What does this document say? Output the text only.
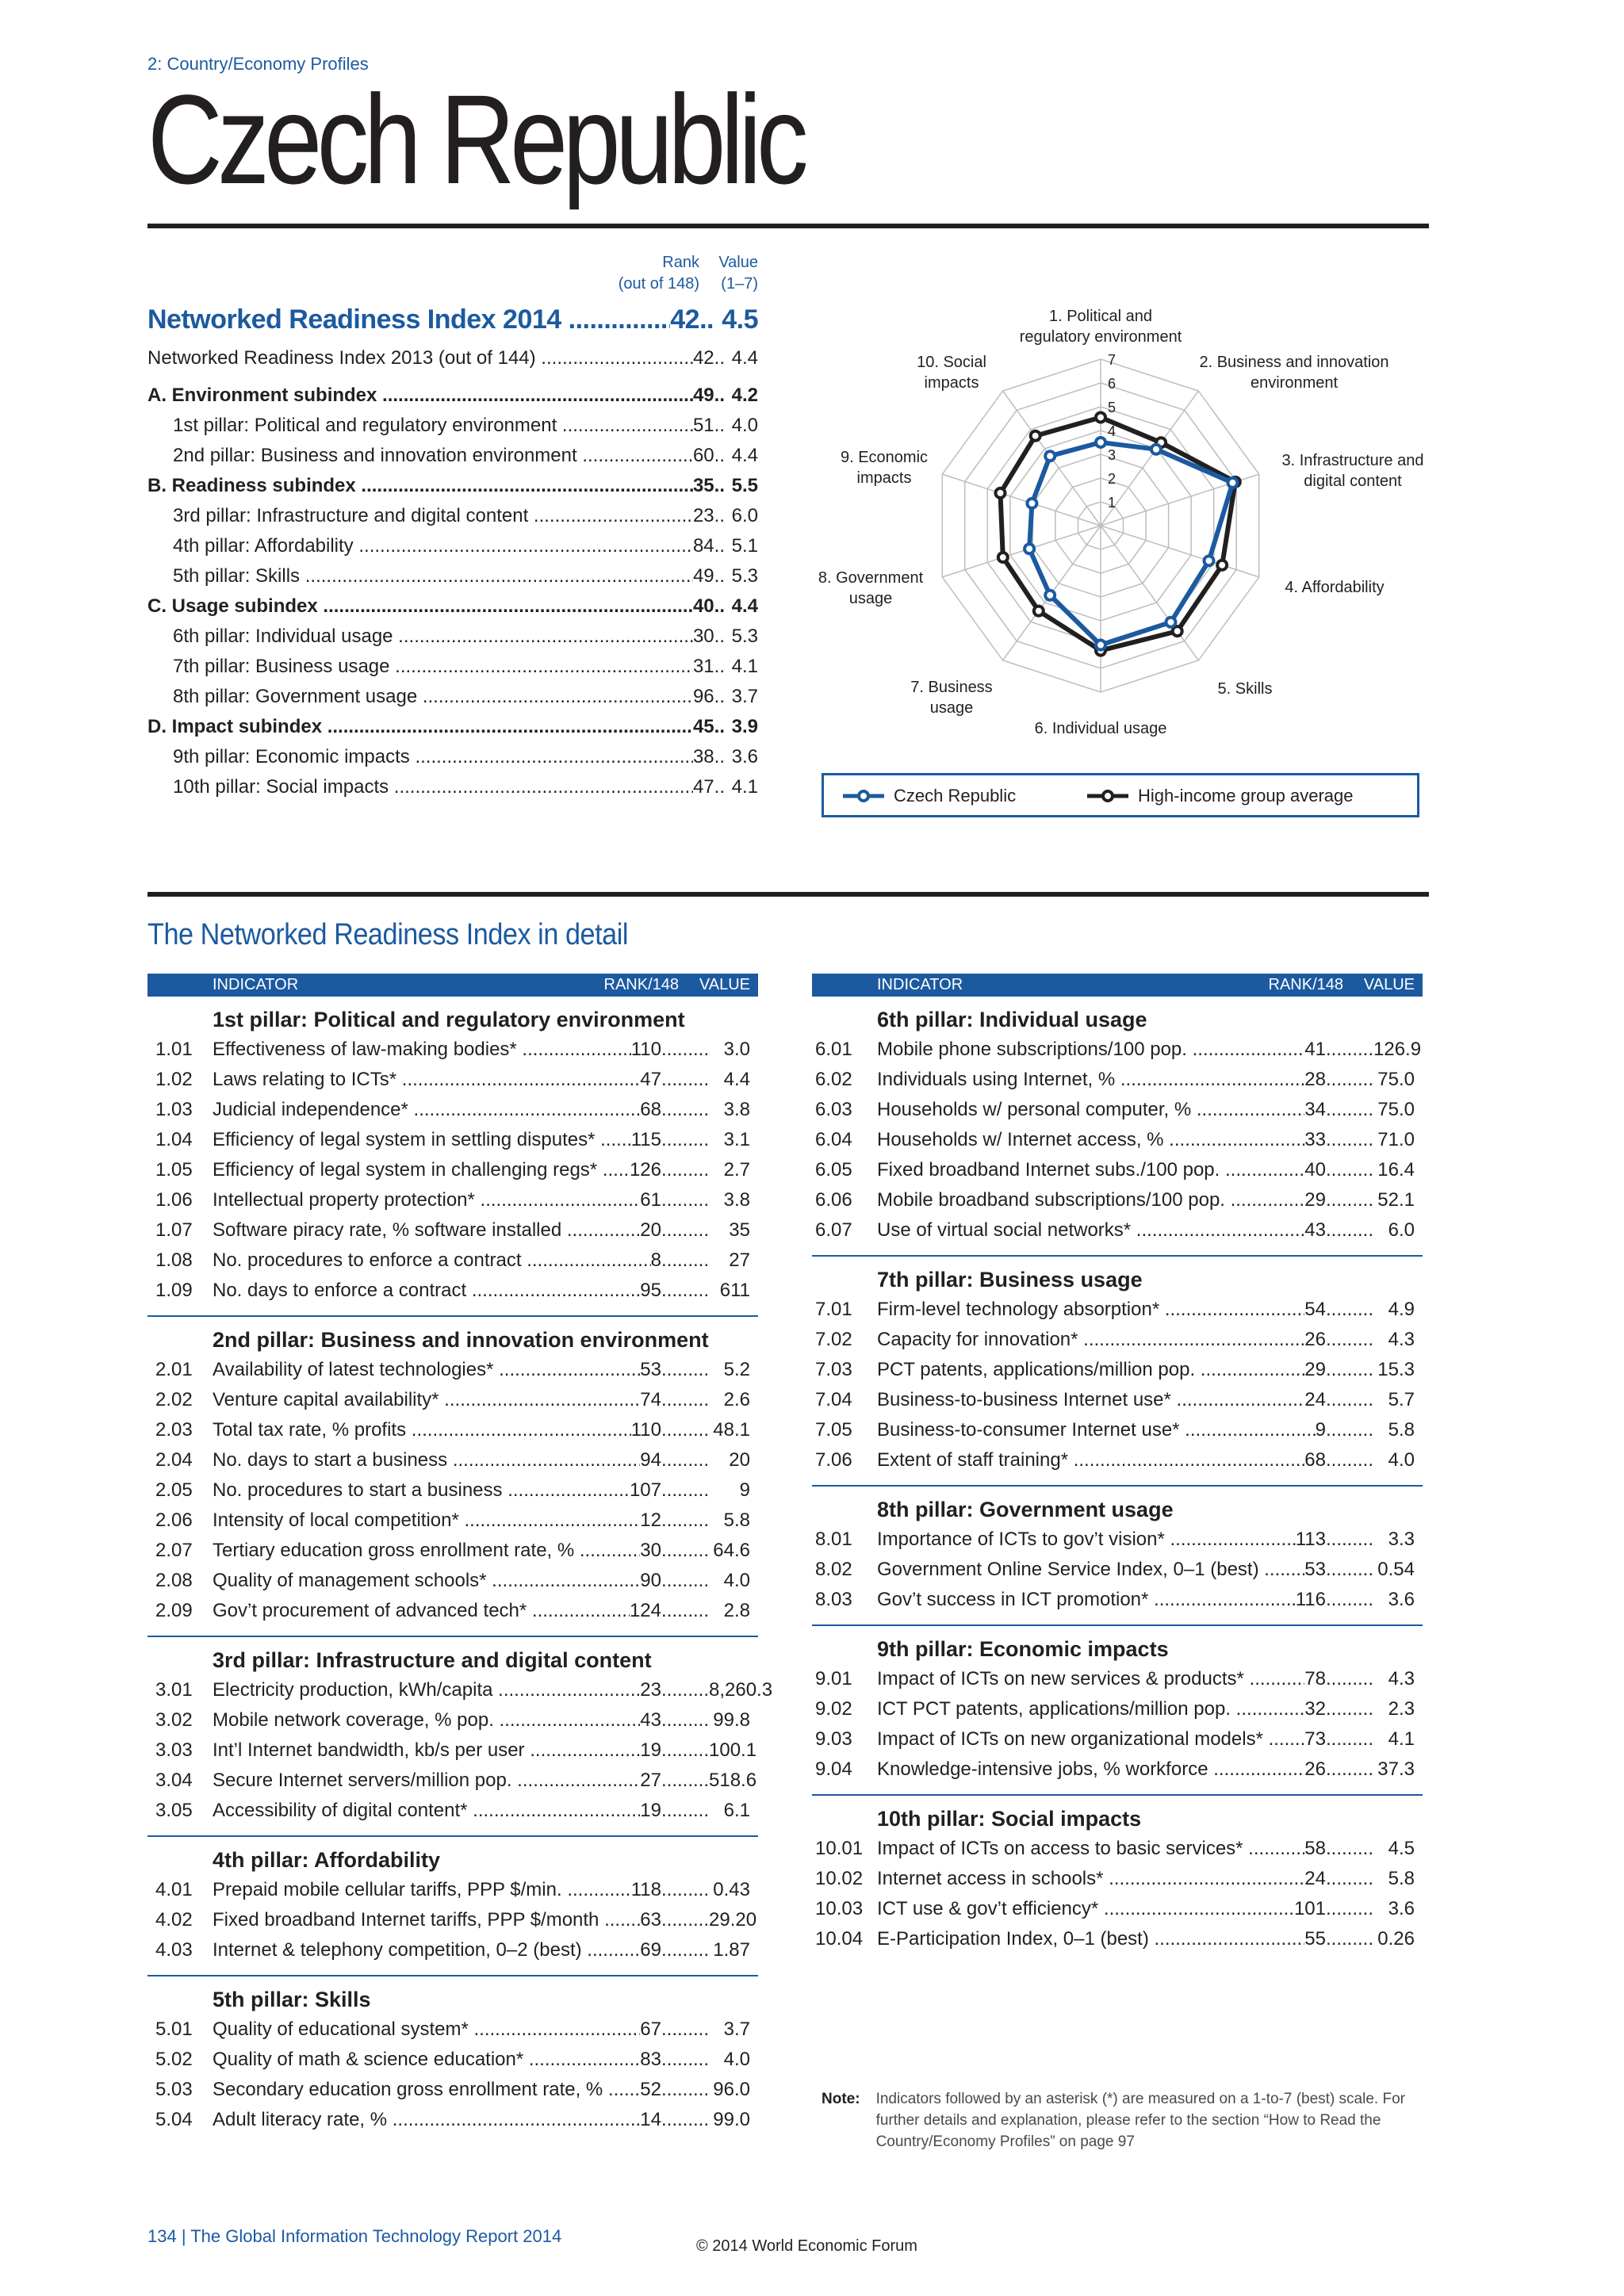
2: Country/Economy Profiles
Czech Republic
Rank
(out of 148)
Value
(1–7)
Networked Readiness Index 2014 .....	42 .. 4.5
Networked Readiness Index 2013 (out of 144) .....	42 .. 4.4
A. Environment subindex .....	49 .. 4.2
1st pillar: Political and regulatory environment .....	51 .. 4.0
2nd pillar: Business and innovation environment .....	60 .. 4.4
B. Readiness subindex .....	35 .. 5.5
3rd pillar: Infrastructure and digital content .....	23 .. 6.0
4th pillar: Affordability .....	84 .. 5.1
5th pillar: Skills .....	49 .. 5.3
C. Usage subindex .....	40 .. 4.4
6th pillar: Individual usage .....	30 .. 5.3
7th pillar: Business usage .....	31 .. 4.1
8th pillar: Government usage .....	96 .. 3.7
D. Impact subindex .....	45 .. 3.9
9th pillar: Economic impacts .....	38 .. 3.6
10th pillar: Social impacts .....	47 .. 4.1
1
2
3
4
5
6
7
1. Political and regulatory environment
2. Business and innovation environment
3. Infrastructure and digital content
4. Affordability
5. Skills
6. Individual usage
7. Business usage
8. Government usage
9. Economic impacts
10. Social impacts
Czech Republic	High-income group average
The Networked Readiness Index in detail
INDICATOR	RANK/148 VALUE
1st pillar: Political and regulatory environment
1.01	Effectiveness of law-making bodies* .....	110 .....	3.0
1.02	Laws relating to ICTs* .....	47 .....	4.4
1.03	Judicial independence* .....	68 .....	3.8
1.04	Efficiency of legal system in settling disputes* .....	115 .....	3.1
1.05	Efficiency of legal system in challenging regs* .....	126 .....	2.7
1.06	Intellectual property protection* .....	61 .....	3.8
1.07	Software piracy rate, % software installed .....	20 .....	35
1.08	No. procedures to enforce a contract .....	8 .....	27
1.09	No. days to enforce a contract .....	95 .....	611
2nd pillar: Business and innovation environment
2.01	Availability of latest technologies* .....	53 .....	5.2
2.02	Venture capital availability* .....	74 .....	2.6
2.03	Total tax rate, % profits .....	110 .....	48.1
2.04	No. days to start a business .....	94 .....	20
2.05	No. procedures to start a business .....	107 .....	9
2.06	Intensity of local competition* .....	12 .....	5.8
2.07	Tertiary education gross enrollment rate, % .....	30 .....	64.6
2.08	Quality of management schools* .....	90 .....	4.0
2.09	Gov’t procurement of advanced tech* .....	124 .....	2.8
3rd pillar: Infrastructure and digital content
3.01	Electricity production, kWh/capita .....	23 .....	8,260.3
3.02	Mobile network coverage, % pop. .....	43 .....	99.8
3.03	Int’l Internet bandwidth, kb/s per user .....	19 .....	100.1
3.04	Secure Internet servers/million pop. .....	27 .....	518.6
3.05	Accessibility of digital content* .....	19 .....	6.1
4th pillar: Affordability
4.01	Prepaid mobile cellular tariffs, PPP $/min. .....	118 .....	0.43
4.02	Fixed broadband Internet tariffs, PPP $/month .....	63 .....	29.20
4.03	Internet & telephony competition, 0–2 (best) .....	69 .....	1.87
5th pillar: Skills
5.01	Quality of educational system* .....	67 .....	3.7
5.02	Quality of math & science education* .....	83 .....	4.0
5.03	Secondary education gross enrollment rate, % .....	52 .....	96.0
5.04	Adult literacy rate, % .....	14 .....	99.0
INDICATOR	RANK/148 VALUE
6th pillar: Individual usage
6.01	Mobile phone subscriptions/100 pop. .....	41 .....	126.9
6.02	Individuals using Internet, % .....	28 .....	75.0
6.03	Households w/ personal computer, % .....	34 .....	75.0
6.04	Households w/ Internet access, % .....	33 .....	71.0
6.05	Fixed broadband Internet subs./100 pop. .....	40 .....	16.4
6.06	Mobile broadband subscriptions/100 pop. .....	29 .....	52.1
6.07	Use of virtual social networks* .....	43 .....	6.0
7th pillar: Business usage
7.01	Firm-level technology absorption* .....	54 .....	4.9
7.02	Capacity for innovation* .....	26 .....	4.3
7.03	PCT patents, applications/million pop. .....	29 .....	15.3
7.04	Business-to-business Internet use* .....	24 .....	5.7
7.05	Business-to-consumer Internet use* .....	9 .....	5.8
7.06	Extent of staff training* .....	68 .....	4.0
8th pillar: Government usage
8.01	Importance of ICTs to gov’t vision* .....	113 .....	3.3
8.02	Government Online Service Index, 0–1 (best) .....	53 .....	0.54
8.03	Gov’t success in ICT promotion* .....	116 .....	3.6
9th pillar: Economic impacts
9.01	Impact of ICTs on new services & products* .....	78 .....	4.3
9.02	ICT PCT patents, applications/million pop. .....	32 .....	2.3
9.03	Impact of ICTs on new organizational models* .....	73 .....	4.1
9.04	Knowledge-intensive jobs, % workforce .....	26 .....	37.3
10th pillar: Social impacts
10.01 Impact of ICTs on access to basic services* .....	58 .....	4.5
10.02 Internet access in schools* .....	24 .....	5.8
10.03 ICT use & gov’t efficiency* .....	101 .....	3.6
10.04 E-Participation Index, 0–1 (best) .....	55 .....	0.26
Note: Indicators followed by an asterisk (*) are measured on a 1-to-7 (best) scale. For further details and explanation, please refer to the section “How to Read the Country/Economy Profiles” on page 97
134 | The Global Information Technology Report 2014	© 2014 World Economic Forum
